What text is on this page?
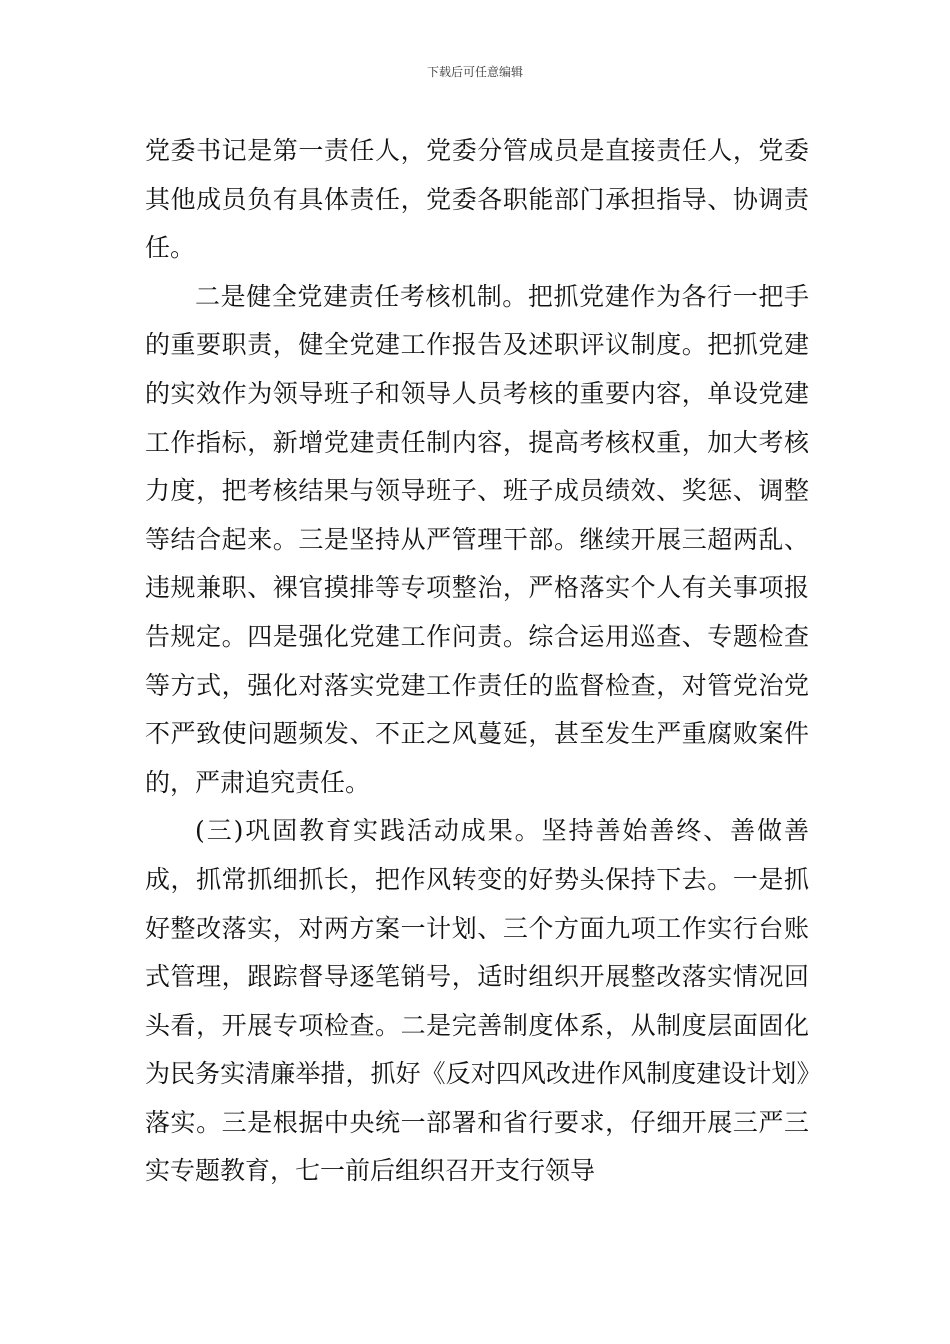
下载后可任意编辑

党委书记是第一责任人，党委分管成员是直接责任人，党委其他成员负有具体责任，党委各职能部门承担指导、协调责任。

二是健全党建责任考核机制。把抓党建作为各行一把手的重要职责，健全党建工作报告及述职评议制度。把抓党建的实效作为领导班子和领导人员考核的重要内容，单设党建工作指标，新增党建责任制内容，提高考核权重，加大考核力度，把考核结果与领导班子、班子成员绩效、奖惩、调整等结合起来。三是坚持从严管理干部。继续开展三超两乱、违规兼职、裸官摸排等专项整治，严格落实个人有关事项报告规定。四是强化党建工作问责。综合运用巡查、专题检查等方式，强化对落实党建工作责任的监督检查，对管党治党不严致使问题频发、不正之风蔓延，甚至发生严重腐败案件的，严肃追究责任。

(三)巩固教育实践活动成果。坚持善始善终、善做善成，抓常抓细抓长，把作风转变的好势头保持下去。一是抓好整改落实，对两方案一计划、三个方面九项工作实行台账式管理，跟踪督导逐笔销号，适时组织开展整改落实情况回头看，开展专项检查。二是完善制度体系，从制度层面固化为民务实清廉举措，抓好《反对四风改进作风制度建设计划》落实。三是根据中央统一部署和省行要求，仔细开展三严三实专题教育，七一前后组织召开支行领导
